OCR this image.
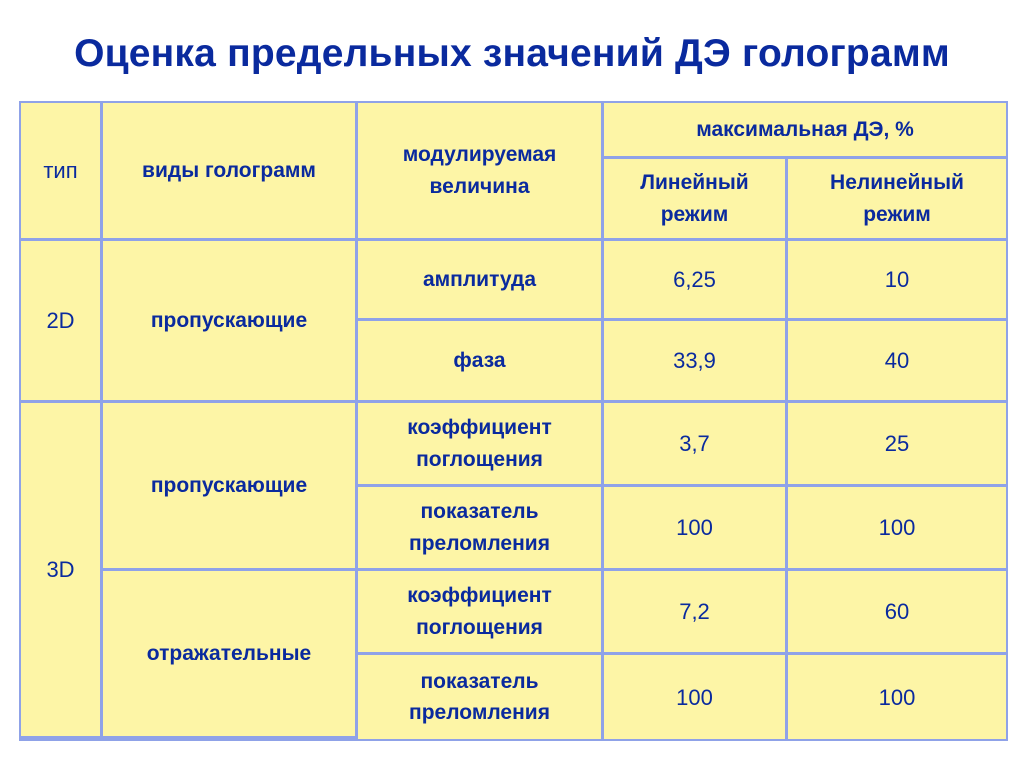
Оценка предельных значений ДЭ голограмм
тип	виды голограмм	модулируемая величина	максимальная ДЭ, %	
			Линейный режим	Нелинейный режим
2D	пропускающие	амплитуда	6,25	10
		фаза	33,9	40
3D	пропускающие	коэффициент поглощения	3,7	25
		показатель преломления	100	100
	отражательные	коэффициент поглощения	7,2	60
		показатель преломления	100	100
